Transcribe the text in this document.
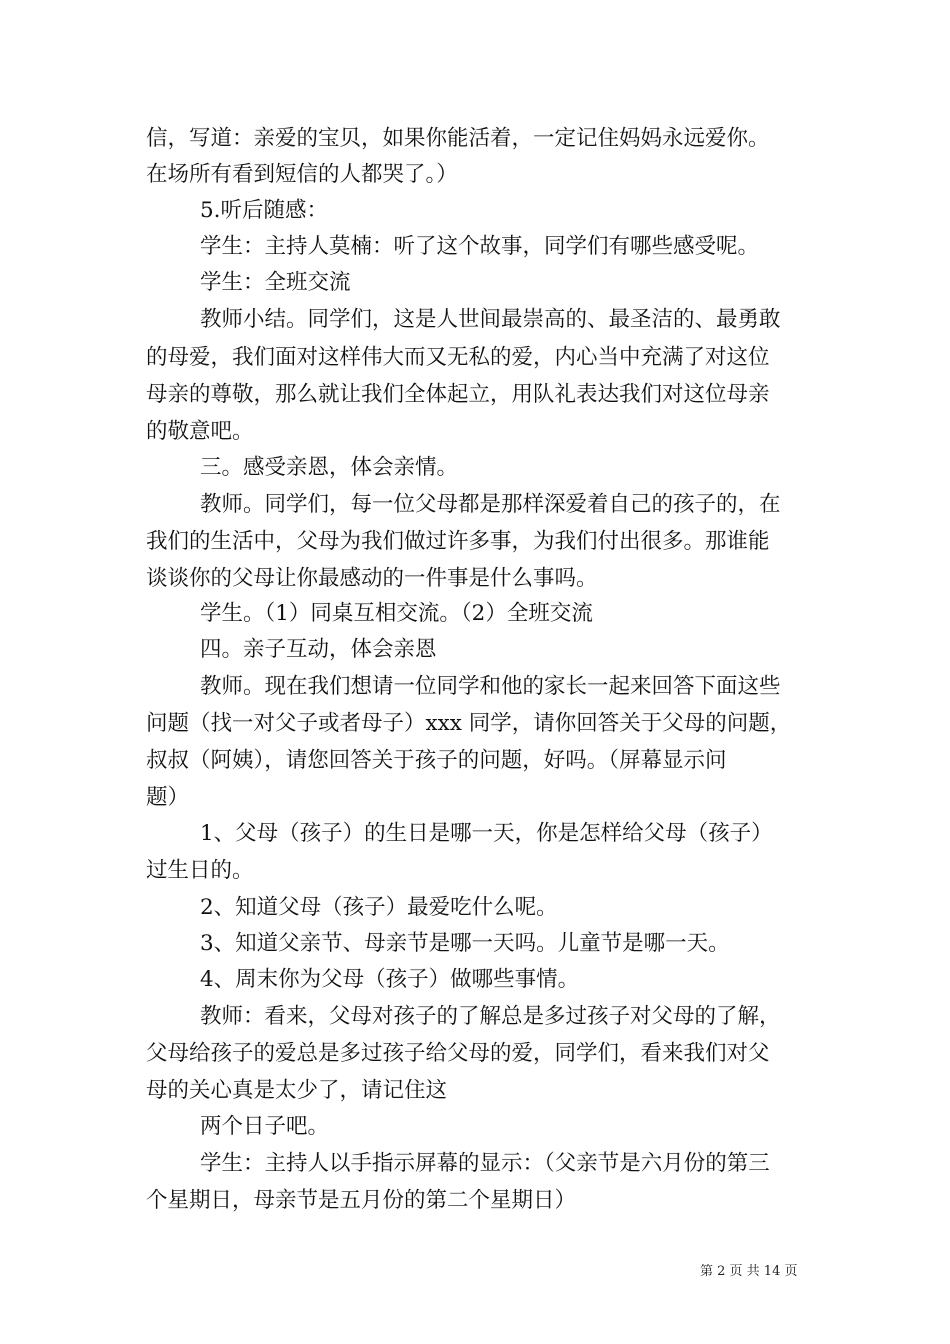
信，写道：亲爱的宝贝，如果你能活着，一定记住妈妈永远爱你。
在场所有看到短信的人都哭了。）
5.听后随感：
学生：主持人莫楠：听了这个故事，同学们有哪些感受呢。
学生：全班交流
教师小结。同学们，这是人世间最崇高的、最圣洁的、最勇敢
的母爱，我们面对这样伟大而又无私的爱，内心当中充满了对这位
母亲的尊敬，那么就让我们全体起立，用队礼表达我们对这位母亲
的敬意吧。
三。感受亲恩，体会亲情。
教师。同学们，每一位父母都是那样深爱着自己的孩子的，在
我们的生活中，父母为我们做过许多事，为我们付出很多。那谁能
谈谈你的父母让你最感动的一件事是什么事吗。
学生。（1）同桌互相交流。（2）全班交流
四。亲子互动，体会亲恩
教师。现在我们想请一位同学和他的家长一起来回答下面这些
问题（找一对父子或者母子）xxx 同学，请你回答关于父母的问题，
叔叔（阿姨），请您回答关于孩子的问题，好吗。（屏幕显示问
题）
1、父母（孩子）的生日是哪一天，你是怎样给父母（孩子）
过生日的。
2、知道父母（孩子）最爱吃什么呢。
3、知道父亲节、母亲节是哪一天吗。儿童节是哪一天。
4、周末你为父母（孩子）做哪些事情。
教师：看来，父母对孩子的了解总是多过孩子对父母的了解，
父母给孩子的爱总是多过孩子给父母的爱，同学们，看来我们对父
母的关心真是太少了，请记住这
两个日子吧。
学生：主持人以手指示屏幕的显示：（父亲节是六月份的第三
个星期日，母亲节是五月份的第二个星期日）
第 2 页 共 14 页
